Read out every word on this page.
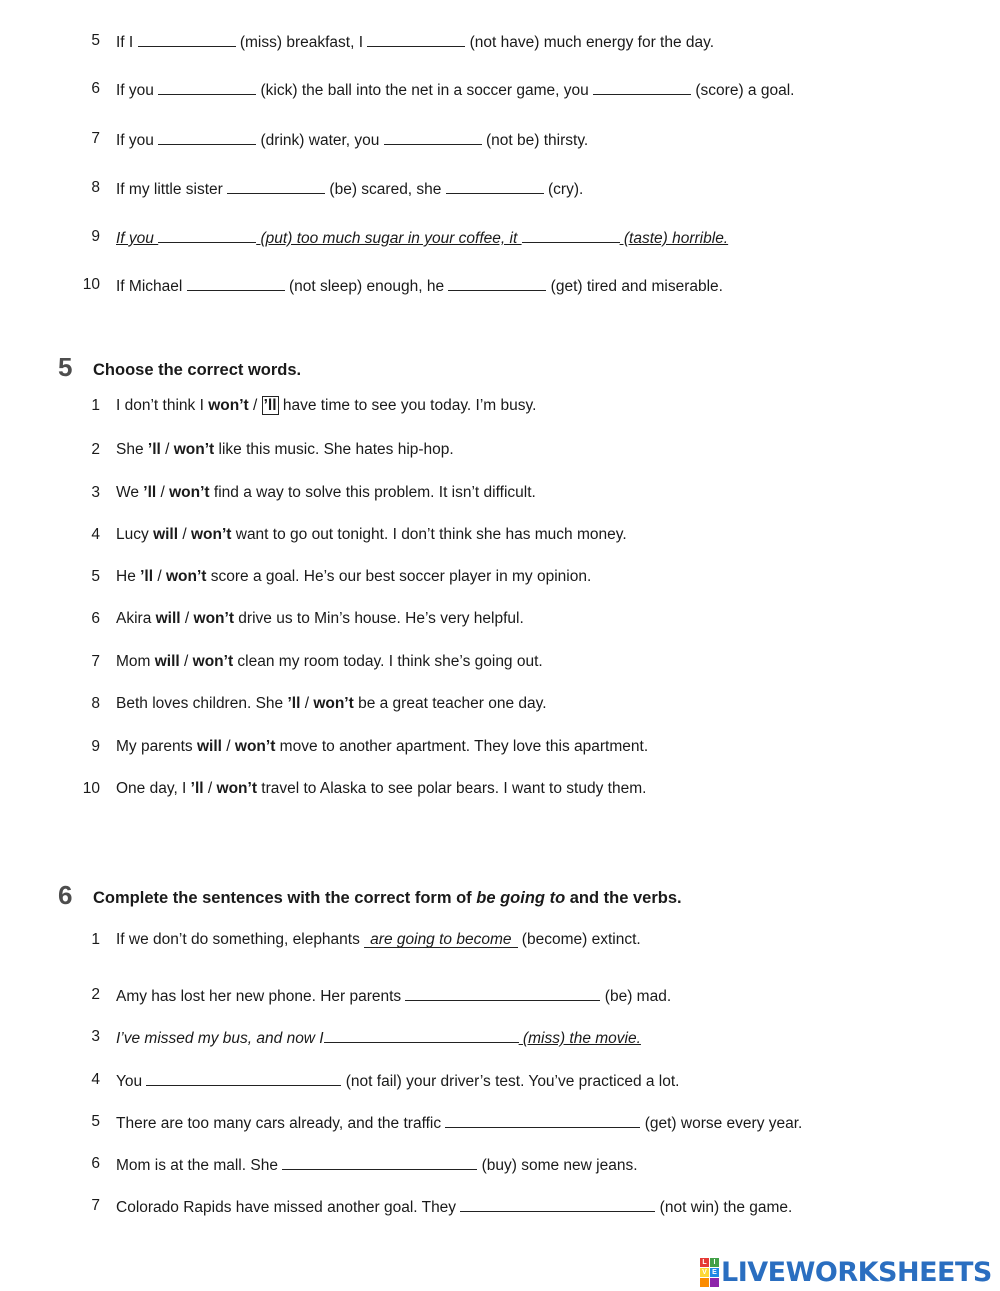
5 If I	(miss) breakfast, I	(not have) much energy for the day.
6 If you	(kick) the ball into the net in a soccer game, you	(score) a goal.
7 If you	(drink) water, you	(not be) thirsty.
8 If my little sister	(be) scared, she	(cry).
9 If you	(put) too much sugar in your coffee, it	(taste) horrible.
10 If Michael	(not sleep) enough, he	(get) tired and miserable.
5 Choose the correct words.
1 I don’t think I won’t / ’ll have time to see you today. I’m busy.
2 She ’ll / won’t like this music. She hates hip-hop.
3 We ’ll / won’t find a way to solve this problem. It isn’t difficult.
4 Lucy will / won’t want to go out tonight. I don’t think she has much money.
5 He ’ll / won’t score a goal. He’s our best soccer player in my opinion.
6 Akira will / won’t drive us to Min’s house. He’s very helpful.
7 Mom will / won’t clean my room today. I think she’s going out.
8 Beth loves children. She ’ll / won’t be a great teacher one day.
9 My parents will / won’t move to another apartment. They love this apartment.
10 One day, I ’ll / won’t travel to Alaska to see polar bears. I want to study them.
6 Complete the sentences with the correct form of be going to and the verbs.
1 If we don’t do something, elephants are going to become (become) extinct.
2 Amy has lost her new phone. Her parents	(be) mad.
3 I’ve missed my bus, and now I	(miss) the movie.
4 You	(not fail) your driver’s test. You’ve practiced a lot.
5 There are too many cars already, and the traffic	(get) worse every year.
6 Mom is at the mall. She	(buy) some new jeans.
7 Colorado Rapids have missed another goal. They	(not win) the game.
L I
V E LIVEWORKSHEETS
